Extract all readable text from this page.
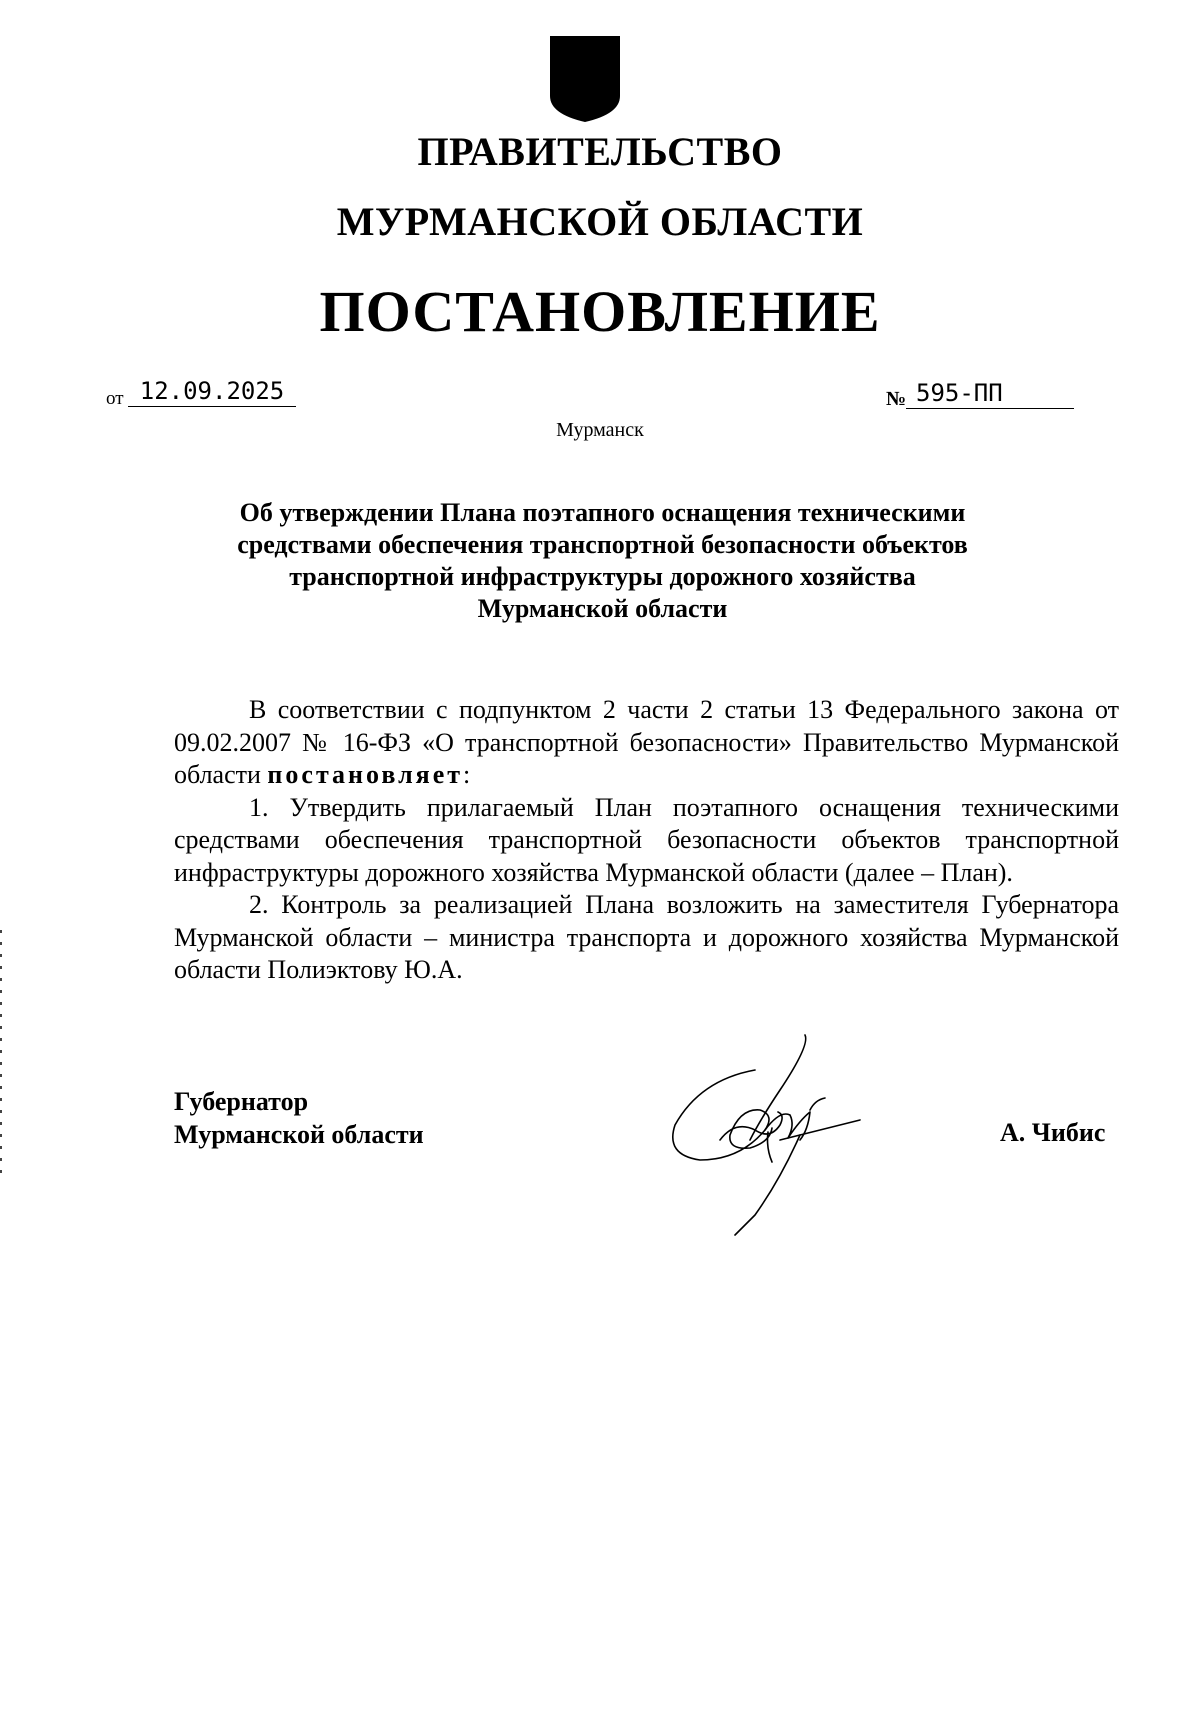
ПРАВИТЕЛЬСТВО
МУРМАНСКОЙ ОБЛАСТИ
ПОСТАНОВЛЕНИЕ
от 12.09.2025	№ 595-ПП
Мурманск
Об утверждении Плана поэтапного оснащения техническими
средствами обеспечения транспортной безопасности объектов
транспортной инфраструктуры дорожного хозяйства
Мурманской области

В соответствии с подпунктом 2 части 2 статьи 13 Федерального закона от 09.02.2007 № 16-ФЗ «О транспортной безопасности» Правительство Мурманской области постановляет:

1. Утвердить прилагаемый План поэтапного оснащения техническими средствами обеспечения транспортной безопасности объектов транспортной инфраструктуры дорожного хозяйства Мурманской области (далее – План).

2. Контроль за реализацией Плана возложить на заместителя Губернатора Мурманской области – министра транспорта и дорожного хозяйства Мурманской области Полиэктову Ю.А.

Губернатор
Мурманской области	А. Чибис
